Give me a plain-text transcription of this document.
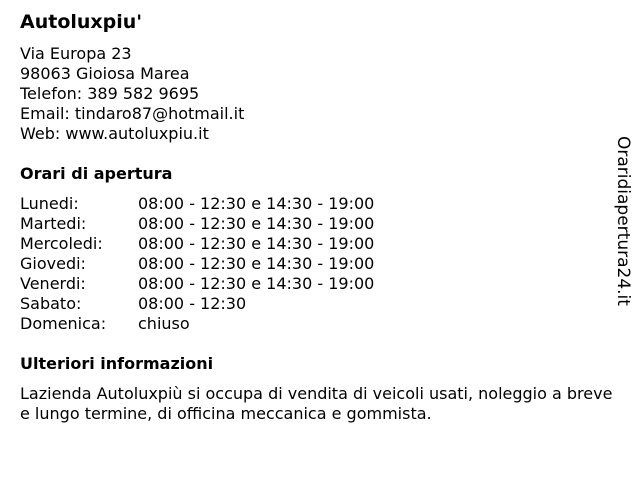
Autoluxpiu'
Via Europa 23
98063 Gioiosa Marea
Telefon: 389 582 9695
Email: tindaro87@hotmail.it
Web: www.autoluxpiu.it
Orari di apertura
Lunedi:	08:00 - 12:30 e 14:30 - 19:00
Martedi:	08:00 - 12:30 e 14:30 - 19:00
Mercoledi:	08:00 - 12:30 e 14:30 - 19:00
Giovedi:	08:00 - 12:30 e 14:30 - 19:00
Venerdi:	08:00 - 12:30 e 14:30 - 19:00
Sabato:	08:00 - 12:30
Domenica:	chiuso
Ulteriori informazioni

Lazienda Autoluxpiù si occupa di vendita di veicoli usati, noleggio a breve e lungo termine, di officina meccanica e gommista.

Oraridiapertura24.it
